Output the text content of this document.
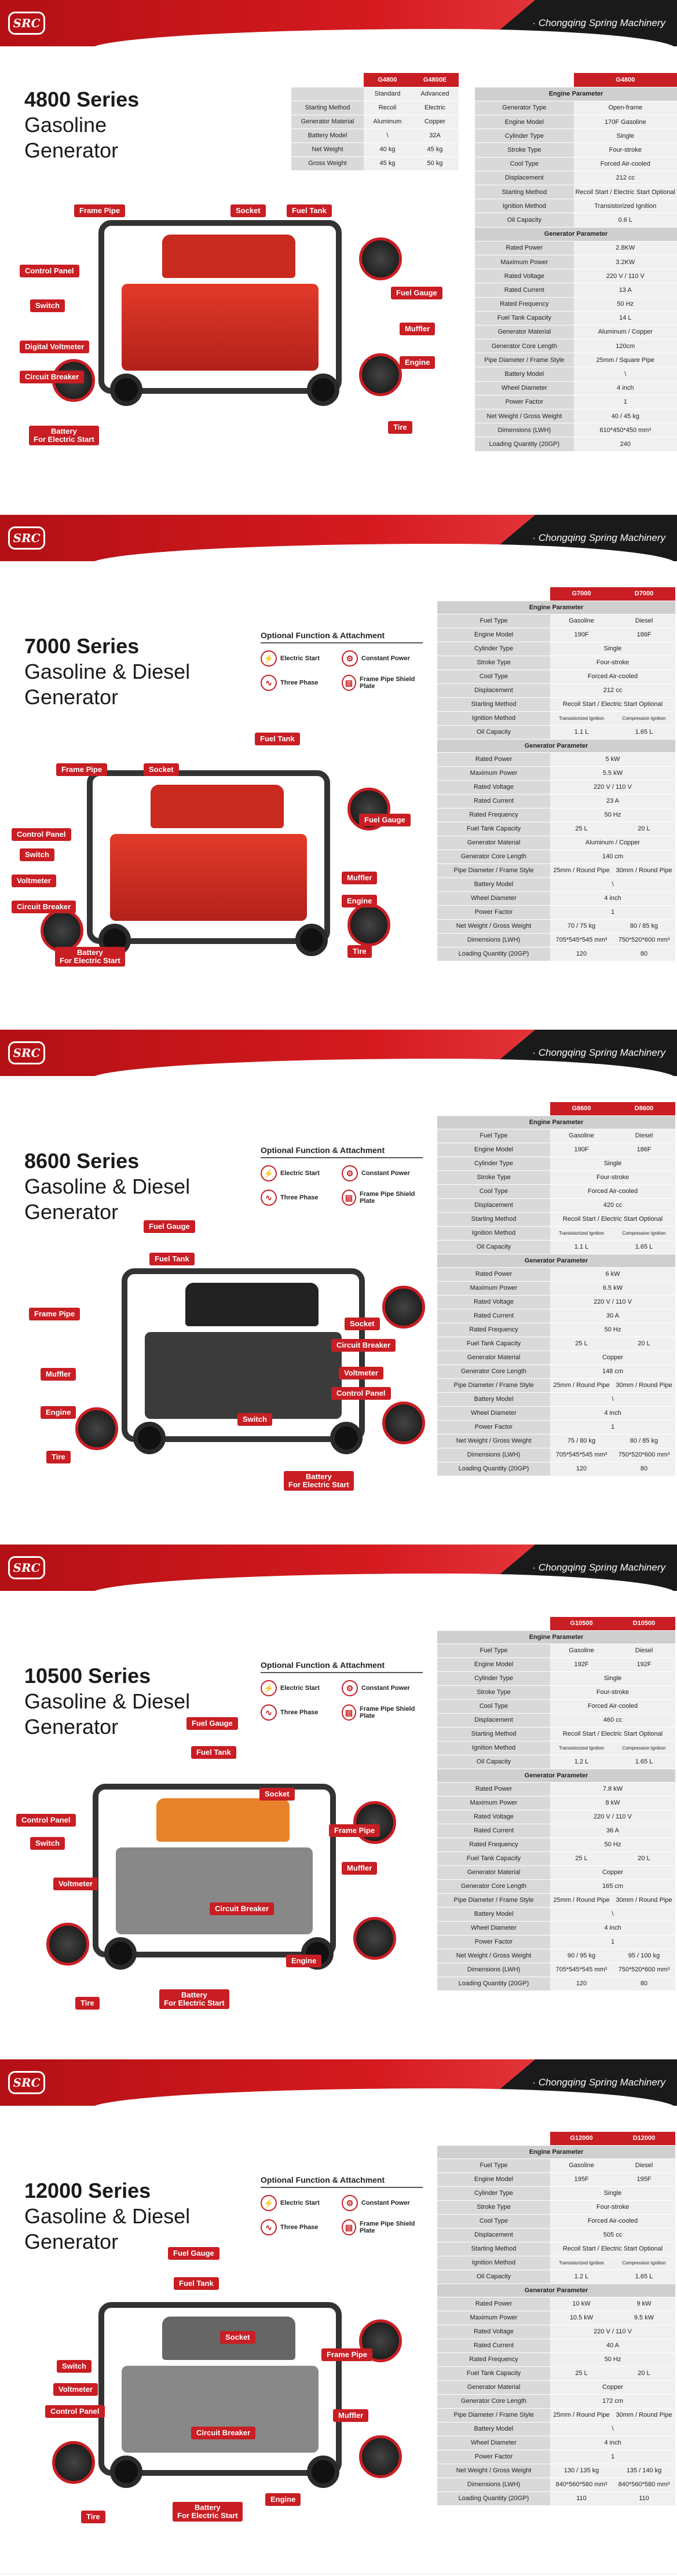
SRC	· Chongqing Spring Machinery
4800 Series
Gasoline
Generator
	G4800	G4800E
	Standard	Advanced
Starting Method	Recoil	Electric
Generator Material	Aluminum	Copper
Battery Model	\	32A
Net Weight	40 kg	45 kg
Gross Weight	45 kg	50 kg
	G4800
Engine Parameter	
Generator Type	Open-frame
Engine Model	170F Gasoline
Cylinder Type	Single
Stroke Type	Four-stroke
Cool Type	Forced Air-cooled
Displacement	212 cc
Starting Method	Recoil Start / Electric Start Optional
Ignition Method	Transistorized Ignition
Oil Capacity	0.6 L
Generator Parameter	
Rated Power	2.8KW
Maximum Power	3.2KW
Rated Voltage	220 V / 110 V
Rated Current	13 A
Rated Frequency	50 Hz
Fuel Tank Capacity	14 L
Generator Material	Aluminum / Copper
Generator Core Length	120cm
Pipe Diameter / Frame Style	25mm / Square Pipe
Battery Model	\
Wheel Diameter	4 inch
Power Factor	1
Net Weight / Gross Weight	40 / 45 kg
Dimensions (LWH)	610*450*450 mm³
Loading Quantity (20GP)	240
Frame Pipe	Socket	Fuel Tank
Control Panel
Fuel Gauge
Switch
Muffler
Digital Voltmeter
Engine
Circuit Breaker
Battery
For Electric Start
Tire
SRC	· Chongqing Spring Machinery
7000 Series
Gasoline & Diesel
Generator
Optional Function & Attachment
⚡	Electric Start	⚙	Constant Power
∿	Three Phase	▤	Frame Pipe Shield Plate
	G7000	D7000
Engine Parameter		
Fuel Type	Gasoline	Diesel
Engine Model	190F	186F
Cylinder Type	Single	
Stroke Type	Four-stroke	
Cool Type	Forced Air-cooled	
Displacement	212 cc	
Starting Method	Recoil Start / Electric Start Optional	
Ignition Method	Transistorized Ignition	Compression Ignition
Oil Capacity	1.1 L	1.65 L
Generator Parameter		
Rated Power	5 kW	
Maximum Power	5.5 kW	
Rated Voltage	220 V / 110 V	
Rated Current	23 A	
Rated Frequency	50 Hz	
Fuel Tank Capacity	25 L	20 L
Generator Material	Aluminum / Copper	
Generator Core Length	140 cm	
Pipe Diameter / Frame Style	25mm / Round Pipe	30mm / Round Pipe
Battery Model	\	
Wheel Diameter	4 inch	
Power Factor	1	
Net Weight / Gross Weight	70 / 75 kg	80 / 85 kg
Dimensions (LWH)	705*545*545 mm³	750*520*600 mm³
Loading Quantity (20GP)	120	80
Fuel Tank
Frame Pipe	Socket
Fuel Gauge
Control Panel
Switch
Muffler
Voltmeter
Engine
Circuit Breaker
Battery
For Electric Start
Tire
SRC	· Chongqing Spring Machinery
8600 Series
Gasoline & Diesel
Generator
Optional Function & Attachment
⚡	Electric Start	⚙	Constant Power
∿	Three Phase	▤	Frame Pipe Shield Plate
	G8600	D8600
Engine Parameter		
Fuel Type	Gasoline	Diesel
Engine Model	190F	186F
Cylinder Type	Single	
Stroke Type	Four-stroke	
Cool Type	Forced Air-cooled	
Displacement	420 cc	
Starting Method	Recoil Start / Electric Start Optional	
Ignition Method	Transistorized Ignition	Compression Ignition
Oil Capacity	1.1 L	1.65 L
Generator Parameter		
Rated Power	6 kW	
Maximum Power	6.5 kW	
Rated Voltage	220 V / 110 V	
Rated Current	30 A	
Rated Frequency	50 Hz	
Fuel Tank Capacity	25 L	20 L
Generator Material	Copper	
Generator Core Length	148 cm	
Pipe Diameter / Frame Style	25mm / Round Pipe	30mm / Round Pipe
Battery Model	\	
Wheel Diameter	4 inch	
Power Factor	1	
Net Weight / Gross Weight	75 / 80 kg	80 / 85 kg
Dimensions (LWH)	705*545*545 mm³	750*520*600 mm³
Loading Quantity (20GP)	120	80
Fuel Gauge
Fuel Tank
Frame Pipe
Socket
Circuit Breaker
Muffler	Voltmeter
Control Panel
Engine
Switch
Tire
Battery
For Electric Start
SRC	· Chongqing Spring Machinery
10500 Series
Gasoline & Diesel
Generator
Optional Function & Attachment
⚡	Electric Start	⚙	Constant Power
∿	Three Phase	▤	Frame Pipe Shield Plate
	G10500	D10500
Engine Parameter		
Fuel Type	Gasoline	Diesel
Engine Model	192F	192F
Cylinder Type	Single	
Stroke Type	Four-stroke	
Cool Type	Forced Air-cooled	
Displacement	460 cc	
Starting Method	Recoil Start / Electric Start Optional	
Ignition Method	Transistorized Ignition	Compression Ignition
Oil Capacity	1.2 L	1.65 L
Generator Parameter		
Rated Power	7.8 kW	
Maximum Power	8 kW	
Rated Voltage	220 V / 110 V	
Rated Current	36 A	
Rated Frequency	50 Hz	
Fuel Tank Capacity	25 L	20 L
Generator Material	Copper	
Generator Core Length	165 cm	
Pipe Diameter / Frame Style	25mm / Round Pipe	30mm / Round Pipe
Battery Model	\	
Wheel Diameter	4 inch	
Power Factor	1	
Net Weight / Gross Weight	90 / 95 kg	95 / 100 kg
Dimensions (LWH)	705*545*545 mm³	750*520*600 mm³
Loading Quantity (20GP)	120	80
Fuel Gauge
Fuel Tank
Socket
Control Panel
Frame Pipe
Switch
Muffler
Voltmeter
Circuit Breaker
Engine
Battery
For Electric Start
Tire
SRC	· Chongqing Spring Machinery
12000 Series
Gasoline & Diesel
Generator
Optional Function & Attachment
⚡	Electric Start	⚙	Constant Power
∿	Three Phase	▤	Frame Pipe Shield Plate
	G12000	D12000
Engine Parameter		
Fuel Type	Gasoline	Diesel
Engine Model	195F	195F
Cylinder Type	Single	
Stroke Type	Four-stroke	
Cool Type	Forced Air-cooled	
Displacement	505 cc	
Starting Method	Recoil Start / Electric Start Optional	
Ignition Method	Transistorized Ignition	Compression Ignition
Oil Capacity	1.2 L	1.65 L
Generator Parameter		
Rated Power	10 kW	9 kW
Maximum Power	10.5 kW	9.5 kW
Rated Voltage	220 V / 110 V	
Rated Current	40 A	
Rated Frequency	50 Hz	
Fuel Tank Capacity	25 L	20 L
Generator Material	Copper	
Generator Core Length	172 cm	
Pipe Diameter / Frame Style	25mm / Round Pipe	30mm / Round Pipe
Battery Model	\	
Wheel Diameter	4 inch	
Power Factor	1	
Net Weight / Gross Weight	130 / 135 kg	135 / 140 kg
Dimensions (LWH)	840*560*580 mm³	840*560*580 mm³
Loading Quantity (20GP)	110	110
Fuel Gauge
Fuel Tank
Socket
Frame Pipe
Switch
Voltmeter
Control Panel	Muffler
Circuit Breaker
Engine
Tire
Battery
For Electric Start
